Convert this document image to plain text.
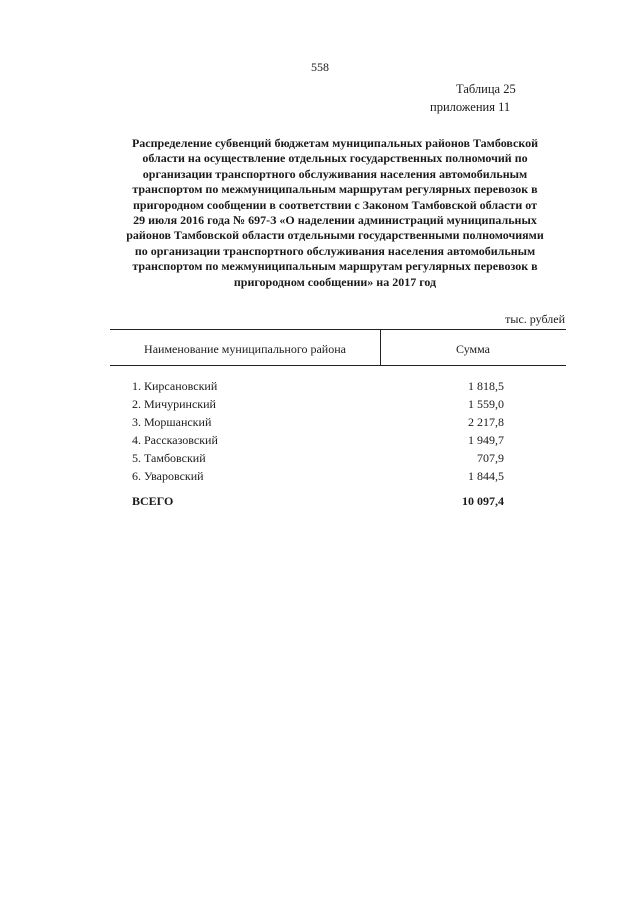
558
Таблица 25
приложения 11
Распределение субвенций бюджетам муниципальных районов Тамбовской
области на осуществление отдельных государственных полномочий по
организации транспортного обслуживания населения автомобильным
транспортом по межмуниципальным маршрутам регулярных перевозок в
пригородном сообщении в соответствии с Законом Тамбовской области от
29 июля 2016 года № 697-З «О наделении администраций муниципальных
районов Тамбовской области отдельными государственными полномочиями
по организации транспортного обслуживания населения автомобильным
транспортом по межмуниципальным маршрутам регулярных перевозок в
пригородном сообщении» на 2017 год
тыс. рублей
Наименование муниципального района	Сумма
1. Кирсановский	1 818,5
2. Мичуринский	1 559,0
3. Моршанский	2 217,8
4. Рассказовский	1 949,7
5. Тамбовский	707,9
6. Уваровский	1 844,5
ВСЕГО	10 097,4
